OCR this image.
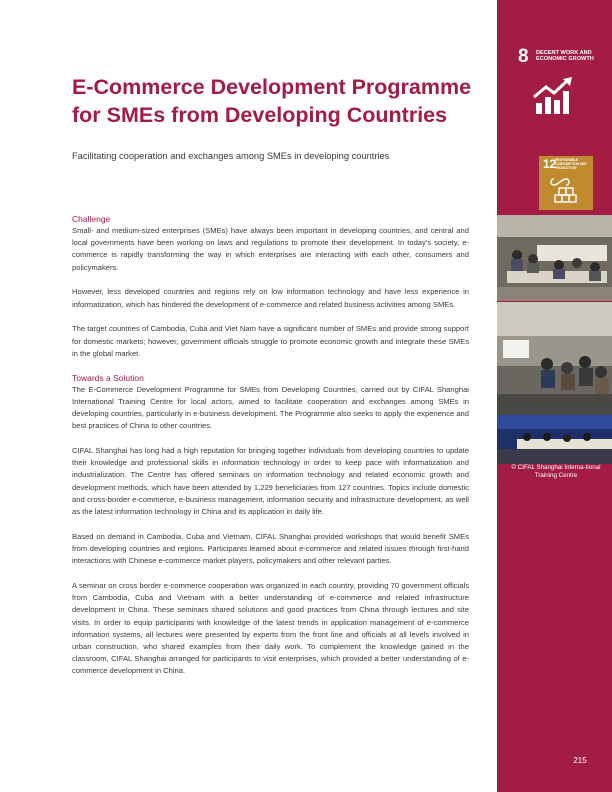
8 DECENT WORK AND ECONOMIC GROWTH
12
RESPONSIBLE CONSUMPTION AND PRODUCTION
© CIFAL Shanghai Interna-tional Training Centre
215
E-Commerce Development Programme for SMEs from Developing Countries
Facilitating cooperation and exchanges among SMEs in developing countries
Challenge

Small- and medium-sized enterprises (SMEs) have always been important in developing countries, and central and local governments have been working on laws and regulations to promote their development. In today's society, e-commerce is rapidly transforming the way in which enterprises are interacting with each other, consumers and policymakers.

However, less developed countries and regions rely on low information technology and have less experience in informatization, which has hindered the development of e-commerce and related business activities among SMEs.

The target countries of Cambodia, Cuba and Viet Nam have a significant number of SMEs and provide strong support for domestic markets; however, government officials struggle to promote economic growth and integrate these SMEs in the global market.

Towards a Solution

The E-Commerce Development Programme for SMEs from Developing Countries, carried out by CIFAL Shanghai International Training Centre for local actors, aimed to facilitate cooperation and exchanges among SMEs in developing countries, particularly in e-business development. The Programme also seeks to apply the experience and best practices of China to other countries.

CIFAL Shanghai has long had a high reputation for bringing together individuals from developing countries to update their knowledge and professional skills in information technology in order to keep pace with informatization and industrialization. The Centre has offered seminars on information technology and related economic growth and development methods, which have been attended by 1,229 beneficiaries from 127 countries. Topics include domestic and cross-border e-commerce, e-business management, information security and infrastructure development, as well as the latest information technology in China and its application in daily life.

Based on demand in Cambodia, Cuba and Vietnam, CIFAL Shanghai provided workshops that would benefit SMEs from developing countries and regions. Participants learned about e-commerce and related issues through first-hand interactions with Chinese e-commerce market players, policymakers and other relevant parties.

A seminar on cross border e-commerce cooperation was organized in each country, providing 70 government officials from Cambodia, Cuba and Vietnam with a better understanding of e-commerce and related infrastructure development in China. These seminars shared solutions and good practices from China through lectures and site visits. In order to equip participants with knowledge of the latest trends in application management of e-commerce information systems, all lectures were presented by experts from the front line and officials at all levels involved in urban construction, who shared examples from their daily work. To complement the knowledge gained in the classroom, CIFAL Shanghai arranged for participants to visit enterprises, which provided a better understanding of e-commerce development in China.
